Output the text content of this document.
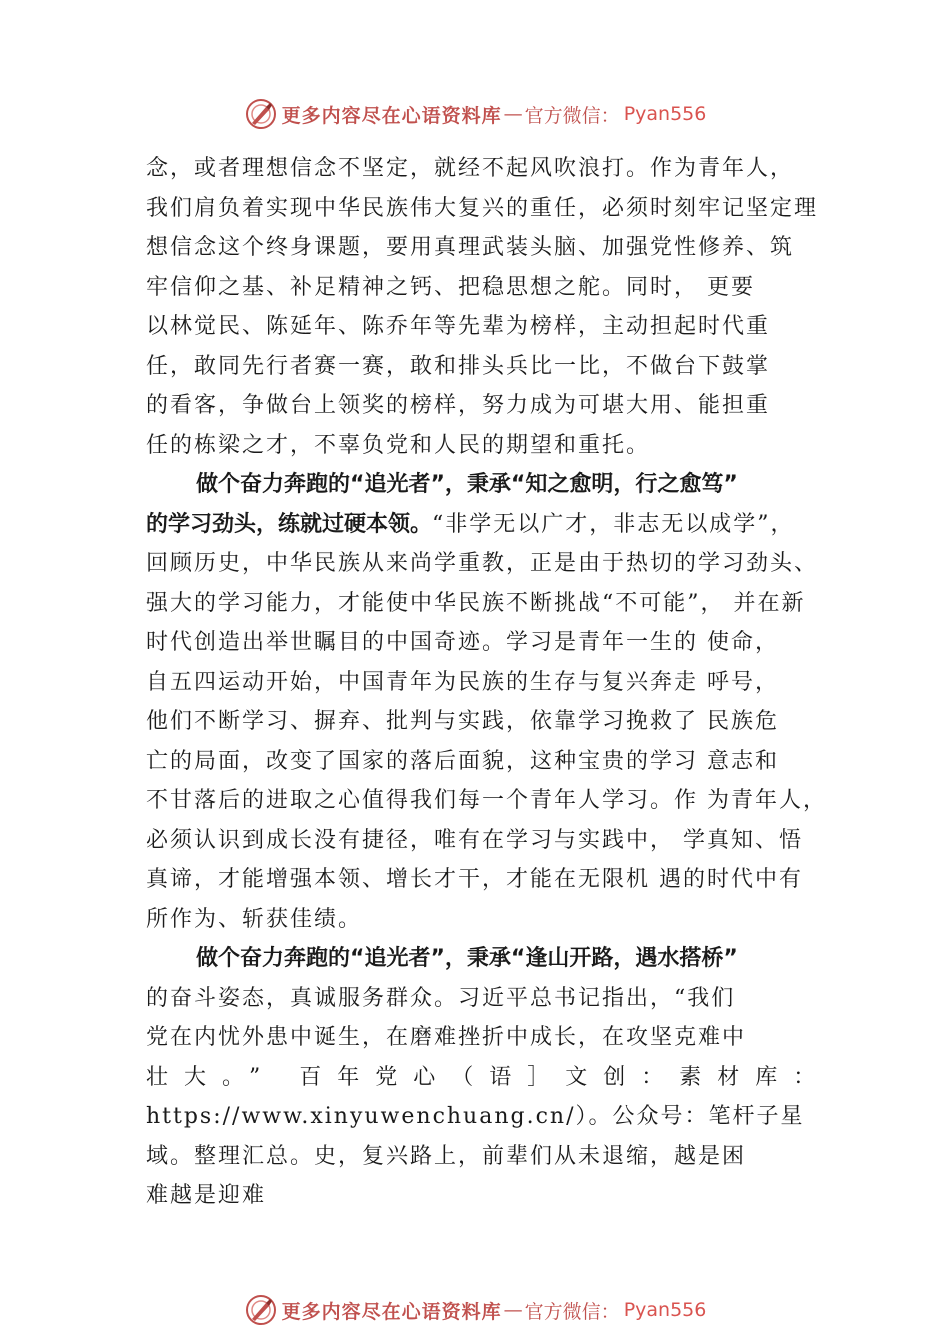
更多内容尽在心语资料库 — 官方微信： Pyan556
念，或者理想信念不坚定，就经不起风吹浪打。作为青年人，
我们肩负着实现中华民族伟大复兴的重任，必须时刻牢记坚定理
想信念这个终身课题，要用真理武装头脑、加强党性修养、筑
牢信仰之基、补足精神之钙、把稳思想之舵。同时， 更要
以林觉民、陈延年、陈乔年等先辈为榜样，主动担起时代重
任，敢同先行者赛一赛，敢和排头兵比一比，不做台下鼓掌
的看客，争做台上领奖的榜样，努力成为可堪大用、能担重
任的栋梁之才，不辜负党和人民的期望和重托。
做个奋力奔跑的“追光者”，秉承“知之愈明，行之愈笃”
的学习劲头，练就过硬本领。“非学无以广才，非志无以成学”，
回顾历史，中华民族从来尚学重教，正是由于热切的学习劲头、
强大的学习能力，才能使中华民族不断挑战“不可能”， 并在新
时代创造出举世瞩目的中国奇迹。学习是青年一生的 使命，
自五四运动开始，中国青年为民族的生存与复兴奔走 呼号，
他们不断学习、摒弃、批判与实践，依靠学习挽救了 民族危
亡的局面，改变了国家的落后面貌，这种宝贵的学习 意志和
不甘落后的进取之心值得我们每一个青年人学习。作 为青年人，
必须认识到成长没有捷径，唯有在学习与实践中， 学真知、悟
真谛，才能增强本领、增长才干，才能在无限机 遇的时代中有
所作为、斩获佳绩。
做个奋力奔跑的“追光者”，秉承“逢山开路，遇水搭桥”
的奋斗姿态，真诚服务群众。习近平总书记指出，“我们
党在内忧外患中诞生，在磨难挫折中成长，在攻坚克难中
壮大。” 百年党心（语］文创：素材库：
https://www.xinyuwenchuang.cn/）。公众号：笔杆子星
域。整理汇总。史，复兴路上，前辈们从未退缩，越是困
难越是迎难
更多内容尽在心语资料库 — 官方微信： Pyan556
